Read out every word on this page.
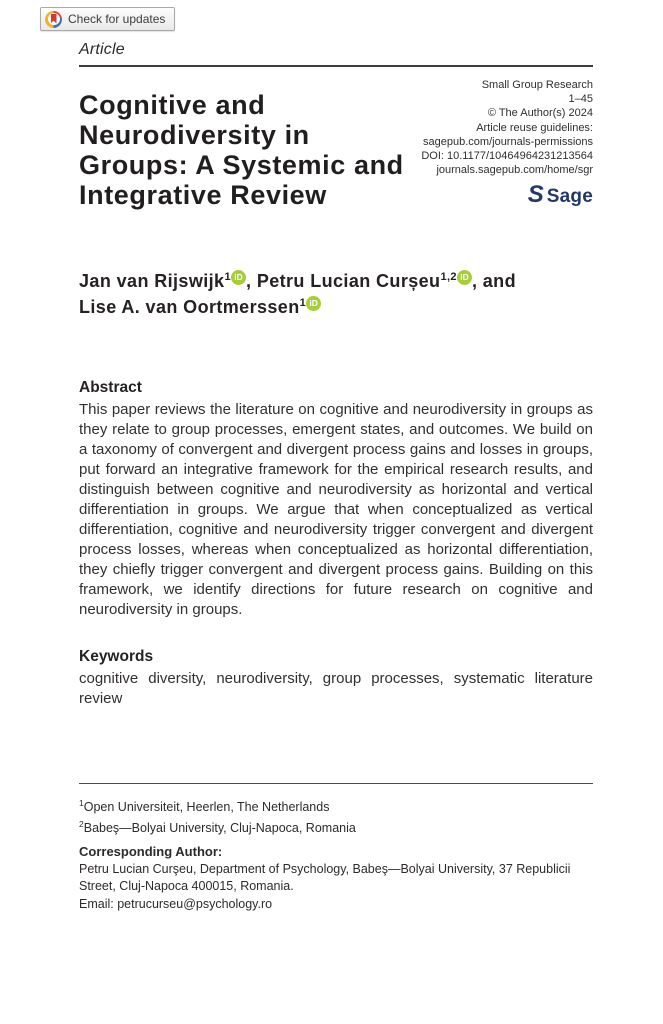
Check for updates
Article
Cognitive and Neurodiversity in Groups: A Systemic and Integrative Review
Small Group Research
1–45
© The Author(s) 2024
Article reuse guidelines:
sagepub.com/journals-permissions
DOI: 10.1177/10464964231213564
journals.sagepub.com/home/sgr
S Sage
Jan van Rijswijk$^1$ iD , Petru Lucian Curșeu$^{1,2}$ iD , and Lise A. van Oortmerssen$^1$ iD
Abstract
This paper reviews the literature on cognitive and neurodiversity in groups as they relate to group processes, emergent states, and outcomes. We build on a taxonomy of convergent and divergent process gains and losses in groups, put forward an integrative framework for the empirical research results, and distinguish between cognitive and neurodiversity as horizontal and vertical differentiation in groups. We argue that when conceptualized as vertical differentiation, cognitive and neurodiversity trigger convergent and divergent process losses, whereas when conceptualized as horizontal differentiation, they chiefly trigger convergent and divergent process gains. Building on this framework, we identify directions for future research on cognitive and neurodiversity in groups.
Keywords
cognitive diversity, neurodiversity, group processes, systematic literature review
$^1$Open Universiteit, Heerlen, The Netherlands
$^2$Babeş—Bolyai University, Cluj-Napoca, Romania
Corresponding Author:
Petru Lucian Curşeu, Department of Psychology, Babeş—Bolyai University, 37 Republicii Street, Cluj-Napoca 400015, Romania.
Email: petrucurseu@psychology.ro
